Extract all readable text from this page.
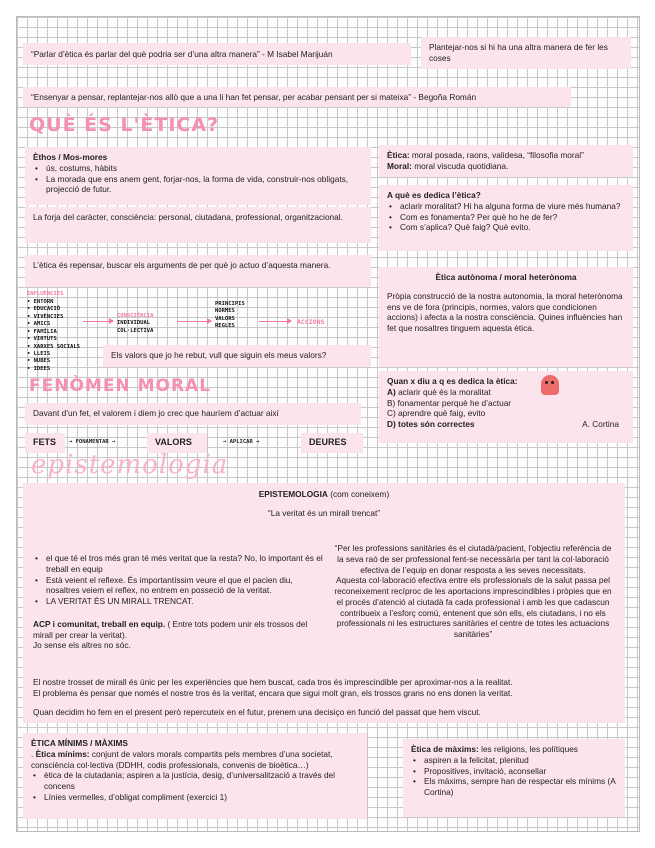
“Parlar d’ètica és parlar del què podria ser d’una altra manera” - M Isabel Marijuán
Plantejar-nos si hi ha una altra manera de fer les coses
“Ensenyar a pensar, replantejar-nos allò que a una li han fet pensar, per acabar pensant per si mateixa” - Begoña Román
QUÈ ÉS L'ÈTICA?
Èthos / Mos-mores
• ús, costums, hàbits
• La morada que ens anem gent, forjar-nos, la forma de vida, construir-nos obligats, projecció de futur.
La forja del caràcter, consciència: personal, ciutadana, professional, organitzacional.
L’ètica és repensar, buscar els arguments de per què jo actuo d’aquesta manera.
INFLUÈNCIES
• ENTORN
• EDUCACIÓ
• VIVÈNCIES
• AMICS
• FAMÍLIA
• VIRTUTS
• XARXES SOCIALS
• LLEIS
• NUBES
• IDEES
CONSCIÈNCIA
INDIVIDUAL
COL·LECTIVA
PRINCIPIS
NORMES
VALORS
REGLES
ACCIONS
Els valors que jo he rebut, vull que siguin els meus valors?
FENÒMEN MORAL
Davant d’un fet, el valorem i diem jo crec que hauríem d’actuar així
FETS	→ FONAMENTAR →	VALORS	→ APLICAR →	DEURES
epistemologia
Ètica: moral posada, raons, validesa, “filosofia moral”
Moral: moral viscuda quotidiana.
A què es dedica l’ètica?
• aclarir moralitat? Hi ha alguna forma de viure més humana?
• Com es fonamenta? Per què ho he de fer?
• Com s’aplica? Què faig? Què evito.
Ètica autònoma / moral heterònoma
Pròpia construcció de la nostra autonomia, la moral heterònoma ens ve de fora (principis, normes, valors que condicionen accions) i afecta a la nostra consciència. Quines influències han fet que nosaltres tinguem aquesta ètica.
Quan x diu a q es dedica la ètica:
A) aclarir què és la moralitat
B) fonamentar perquè he d’actuar
C) aprendre què faig, evito
D) totes són correctes	A. Cortina
EPISTEMOLOGIA (com coneixem)
“La veritat és un mirall trencat”
• el que té el tros més gran té més veritat que la resta? No, lo important és el treball en equip
• Està veient el reflexe. És importantíssim veure el que el pacien diu, nosaltres veiem el reflex, no entrem en posseció de la veritat.
• LA VERITAT ÉS UN MIRALL TRENCAT.
ACP i comunitat, treball en equip. ( Entre tots podem unir els trossos del mirall per crear la veritat).
Jo sense els altres no sóc.
“Per les professions sanitàries és el ciutadà/pacient, l’objectiu referència de la seva raó de ser professional fent-se necessària per tant la col·laboració efectiva de l’equip en donar resposta a les seves necessitats.
Aquesta col·laboració efectiva entre els professionals de la salut passa pel reconeixement recíproc de les aportacions imprescindibles i pròpies que en el procés d’atenció al ciutadà fa cada professional i amb les que cadascun contribueix a l’esforç comú, entenent que són ells, els ciutadans, i no els professionals ni les estructures sanitàries el centre de totes les actuacions sanitàries”
El nostre trosset de mirall és únic per les experiències que hem buscat, cada tros és imprescindible per aproximar-nos a la realitat.
El problema és pensar que només el nostre tros és la veritat, encara que sigui molt gran, els trossos grans no ens donen la veritat.
Quan decidim ho fem en el present però repercuteix en el futur, prenem una decisiço en funció del passat que hem viscut.
ÈTICA MÍNIMS / MÀXIMS
. Ètica mínims: conjunt de valors morals compartits pels membres d’una societat, consciència col·lectiva (DDHH, codis professionals, convenis de bioètica…)
• ètica de la ciutadania; aspiren a la justícia, desig, d’universalització a través del concens
• Línies vermelles, d’obligat compliment (exercici 1)
Ètica de màxims: les religions, les polítiques
• aspiren a la felicitat, plenitud
• Propositives, invitació, aconsellar
• Els màxims, sempre han de respectar els mínims (A Cortina)
